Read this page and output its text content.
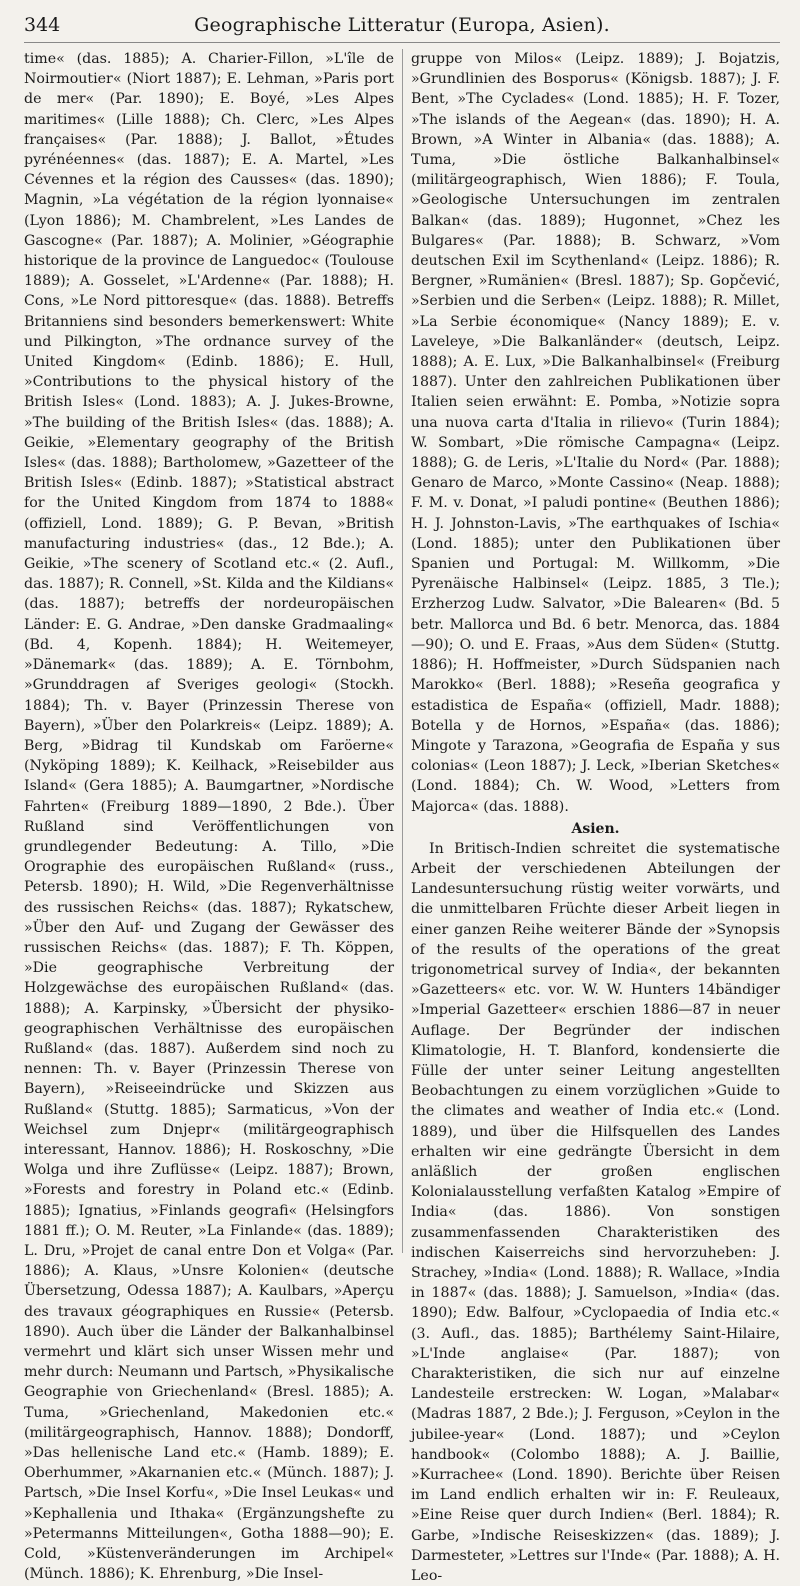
344	Geographische Litteratur (Europa, Asien).

time« (das. 1885); A. Charier-Fillon, »L'île de Noirmoutier« (Niort 1887); E. Lehman, »Paris port de mer« (Par. 1890); E. Boyé, »Les Alpes maritimes« (Lille 1888); Ch. Clerc, »Les Alpes françaises« (Par. 1888); J. Ballot, »Études pyrénéennes« (das. 1887); E. A. Martel, »Les Cévennes et la région des Causses« (das. 1890); Magnin, »La végétation de la région lyonnaise« (Lyon 1886); M. Chambrelent, »Les Landes de Gascogne« (Par. 1887); A. Molinier, »Géographie historique de la province de Languedoc« (Toulouse 1889); A. Gosselet, »L'Ardenne« (Par. 1888); H. Cons, »Le Nord pittoresque« (das. 1888). Betreffs Britanniens sind besonders bemerkenswert: White und Pilkington, »The ordnance survey of the United Kingdom« (Edinb. 1886); E. Hull, »Contributions to the physical history of the British Isles« (Lond. 1883); A. J. Jukes-Browne, »The building of the British Isles« (das. 1888); A. Geikie, »Elementary geography of the British Isles« (das. 1888); Bartholomew, »Gazetteer of the British Isles« (Edinb. 1887); »Statistical abstract for the United Kingdom from 1874 to 1888« (offiziell, Lond. 1889); G. P. Bevan, »British manufacturing industries« (das., 12 Bde.); A. Geikie, »The scenery of Scotland etc.« (2. Aufl., das. 1887); R. Connell, »St. Kilda and the Kildians« (das. 1887); betreffs der nordeuropäischen Länder: E. G. Andrae, »Den danske Gradmaaling« (Bd. 4, Kopenh. 1884); H. Weitemeyer, »Dänemark« (das. 1889); A. E. Törnbohm, »Grunddragen af Sveriges geologi« (Stockh. 1884); Th. v. Bayer (Prinzessin Therese von Bayern), »Über den Polarkreis« (Leipz. 1889); A. Berg, »Bidrag til Kundskab om Faröerne« (Nyköping 1889); K. Keilhack, »Reisebilder aus Island« (Gera 1885); A. Baumgartner, »Nordische Fahrten« (Freiburg 1889—1890, 2 Bde.). Über Rußland sind Veröffentlichungen von grundlegender Bedeutung: A. Tillo, »Die Orographie des europäischen Rußland« (russ., Petersb. 1890); H. Wild, »Die Regenverhältnisse des russischen Reichs« (das. 1887); Rykatschew, »Über den Auf- und Zugang der Gewässer des russischen Reichs« (das. 1887); F. Th. Köppen, »Die geographische Verbreitung der Holzgewächse des europäischen Rußland« (das. 1888); A. Karpinsky, »Übersicht der physiko-geographischen Verhältnisse des europäischen Rußland« (das. 1887). Außerdem sind noch zu nennen: Th. v. Bayer (Prinzessin Therese von Bayern), »Reiseeindrücke und Skizzen aus Rußland« (Stuttg. 1885); Sarmaticus, »Von der Weichsel zum Dnjepr« (militärgeographisch interessant, Hannov. 1886); H. Roskoschny, »Die Wolga und ihre Zuflüsse« (Leipz. 1887); Brown, »Forests and forestry in Poland etc.« (Edinb. 1885); Ignatius, »Finlands geografi« (Helsingfors 1881 ff.); O. M. Reuter, »La Finlande« (das. 1889); L. Dru, »Projet de canal entre Don et Volga« (Par. 1886); A. Klaus, »Unsre Kolonien« (deutsche Übersetzung, Odessa 1887); A. Kaulbars, »Aperçu des travaux géographiques en Russie« (Petersb. 1890). Auch über die Länder der Balkanhalbinsel vermehrt und klärt sich unser Wissen mehr und mehr durch: Neumann und Partsch, »Physikalische Geographie von Griechenland« (Bresl. 1885); A. Tuma, »Griechenland, Makedonien etc.« (militärgeographisch, Hannov. 1888); Dondorff, »Das hellenische Land etc.« (Hamb. 1889); E. Oberhummer, »Akarnanien etc.« (Münch. 1887); J. Partsch, »Die Insel Korfu«, »Die Insel Leukas« und »Kephallenia und Ithaka« (Ergänzungshefte zu »Petermanns Mitteilungen«, Gotha 1888—90); E. Cold, »Küstenveränderungen im Archipel« (Münch. 1886); K. Ehrenburg, »Die Insel-

gruppe von Milos« (Leipz. 1889); J. Bojatzis, »Grundlinien des Bosporus« (Königsb. 1887); J. F. Bent, »The Cyclades« (Lond. 1885); H. F. Tozer, »The islands of the Aegean« (das. 1890); H. A. Brown, »A Winter in Albania« (das. 1888); A. Tuma, »Die östliche Balkanhalbinsel« (militärgeographisch, Wien 1886); F. Toula, »Geologische Untersuchungen im zentralen Balkan« (das. 1889); Hugonnet, »Chez les Bulgares« (Par. 1888); B. Schwarz, »Vom deutschen Exil im Scythenland« (Leipz. 1886); R. Bergner, »Rumänien« (Bresl. 1887); Sp. Gopčević, »Serbien und die Serben« (Leipz. 1888); R. Millet, »La Serbie économique« (Nancy 1889); E. v. Laveleye, »Die Balkanländer« (deutsch, Leipz. 1888); A. E. Lux, »Die Balkanhalbinsel« (Freiburg 1887). Unter den zahlreichen Publikationen über Italien seien erwähnt: E. Pomba, »Notizie sopra una nuova carta d'Italia in rilievo« (Turin 1884); W. Sombart, »Die römische Campagna« (Leipz. 1888); G. de Leris, »L'Italie du Nord« (Par. 1888); Genaro de Marco, »Monte Cassino« (Neap. 1888); F. M. v. Donat, »I paludi pontine« (Beuthen 1886); H. J. Johnston-Lavis, »The earthquakes of Ischia« (Lond. 1885); unter den Publikationen über Spanien und Portugal: M. Willkomm, »Die Pyrenäische Halbinsel« (Leipz. 1885, 3 Tle.); Erzherzog Ludw. Salvator, »Die Balearen« (Bd. 5 betr. Mallorca und Bd. 6 betr. Menorca, das. 1884—90); O. und E. Fraas, »Aus dem Süden« (Stuttg. 1886); H. Hoffmeister, »Durch Südspanien nach Marokko« (Berl. 1888); »Reseña geografica y estadistica de España« (offiziell, Madr. 1888); Botella y de Hornos, »España« (das. 1886); Mingote y Tarazona, »Geografia de España y sus colonias« (Leon 1887); J. Leck, »Iberian Sketches« (Lond. 1884); Ch. W. Wood, »Letters from Majorca« (das. 1888).

Asien.

In Britisch-Indien schreitet die systematische Arbeit der verschiedenen Abteilungen der Landesuntersuchung rüstig weiter vorwärts, und die unmittelbaren Früchte dieser Arbeit liegen in einer ganzen Reihe weiterer Bände der »Synopsis of the results of the operations of the great trigonometrical survey of India«, der bekannten »Gazetteers« etc. vor. W. W. Hunters 14bändiger »Imperial Gazetteer« erschien 1886—87 in neuer Auflage. Der Begründer der indischen Klimatologie, H. T. Blanford, kondensierte die Fülle der unter seiner Leitung angestellten Beobachtungen zu einem vorzüglichen »Guide to the climates and weather of India etc.« (Lond. 1889), und über die Hilfsquellen des Landes erhalten wir eine gedrängte Übersicht in dem anläßlich der großen englischen Kolonialausstellung verfaßten Katalog »Empire of India« (das. 1886). Von sonstigen zusammenfassenden Charakteristiken des indischen Kaiserreichs sind hervorzuheben: J. Strachey, »India« (Lond. 1888); R. Wallace, »India in 1887« (das. 1888); J. Samuelson, »India« (das. 1890); Edw. Balfour, »Cyclopaedia of India etc.« (3. Aufl., das. 1885); Barthélemy Saint-Hilaire, »L'Inde anglaise« (Par. 1887); von Charakteristiken, die sich nur auf einzelne Landesteile erstrecken: W. Logan, »Malabar« (Madras 1887, 2 Bde.); J. Ferguson, »Ceylon in the jubilee-year« (Lond. 1887); und »Ceylon handbook« (Colombo 1888); A. J. Baillie, »Kurrachee« (Lond. 1890). Berichte über Reisen im Land endlich erhalten wir in: F. Reuleaux, »Eine Reise quer durch Indien« (Berl. 1884); R. Garbe, »Indische Reiseskizzen« (das. 1889); J. Darmesteter, »Lettres sur l'Inde« (Par. 1888); A. H. Leo-
